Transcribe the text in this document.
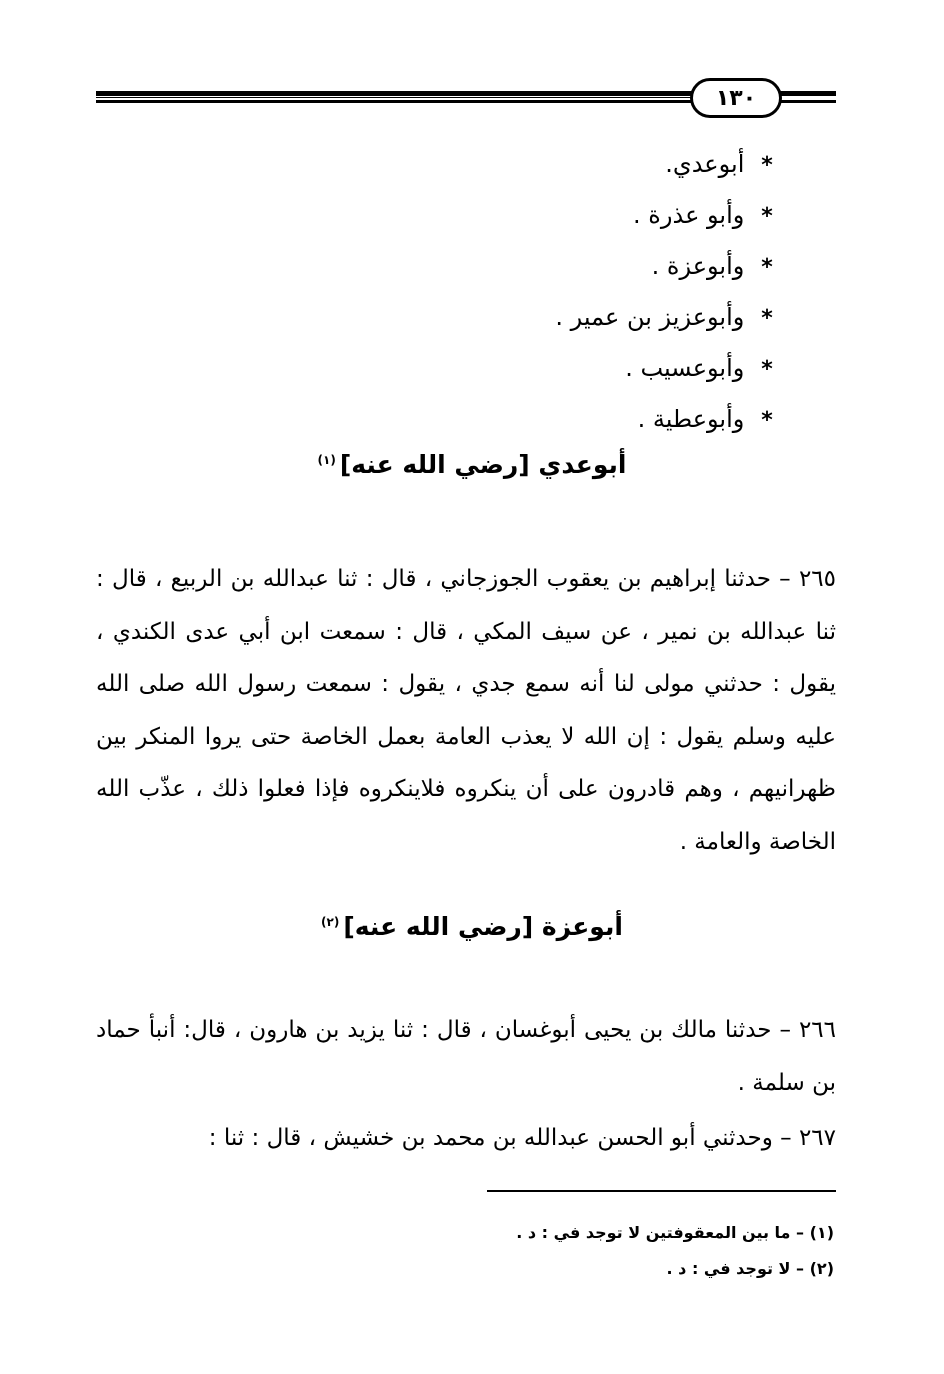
١٣٠
* أبوعدي.
* وأبو عذرة .
* وأبوعزة .
* وأبوعزيز بن عمير .
* وأبوعسيب .
* وأبوعطية .
أبوعدي [رضي الله عنه]$^{(١)}$
٢٦٥ – حدثنا إبراهيم بن يعقوب الجوزجاني ، قال : ثنا عبدالله بن الربيع ، قال : ثنا عبدالله بن نمير ، عن سيف المكي ، قال : سمعت ابن أبي عدى الكندي ، يقول : حدثني مولى لنا أنه سمع جدي ، يقول : سمعت رسول الله صلى الله عليه وسلم يقول : إن الله لا يعذب العامة بعمل الخاصة حتى يروا المنكر بين ظهرانيهم ، وهم قادرون على أن ينكروه فلاينكروه فإذا فعلوا ذلك ، عذّب الله الخاصة والعامة .
أبوعزة [رضي الله عنه]$^{(٢)}$
٢٦٦ – حدثنا مالك بن يحيى أبوغسان ، قال : ثنا يزيد بن هارون ، قال: أنبأ حماد بن سلمة .
٢٦٧ – وحدثني أبو الحسن عبدالله بن محمد بن خشيش ، قال : ثنا :
(١) – ما بين المعقوفتين لا توجد في : د .
(٢) – لا توجد في : د .
